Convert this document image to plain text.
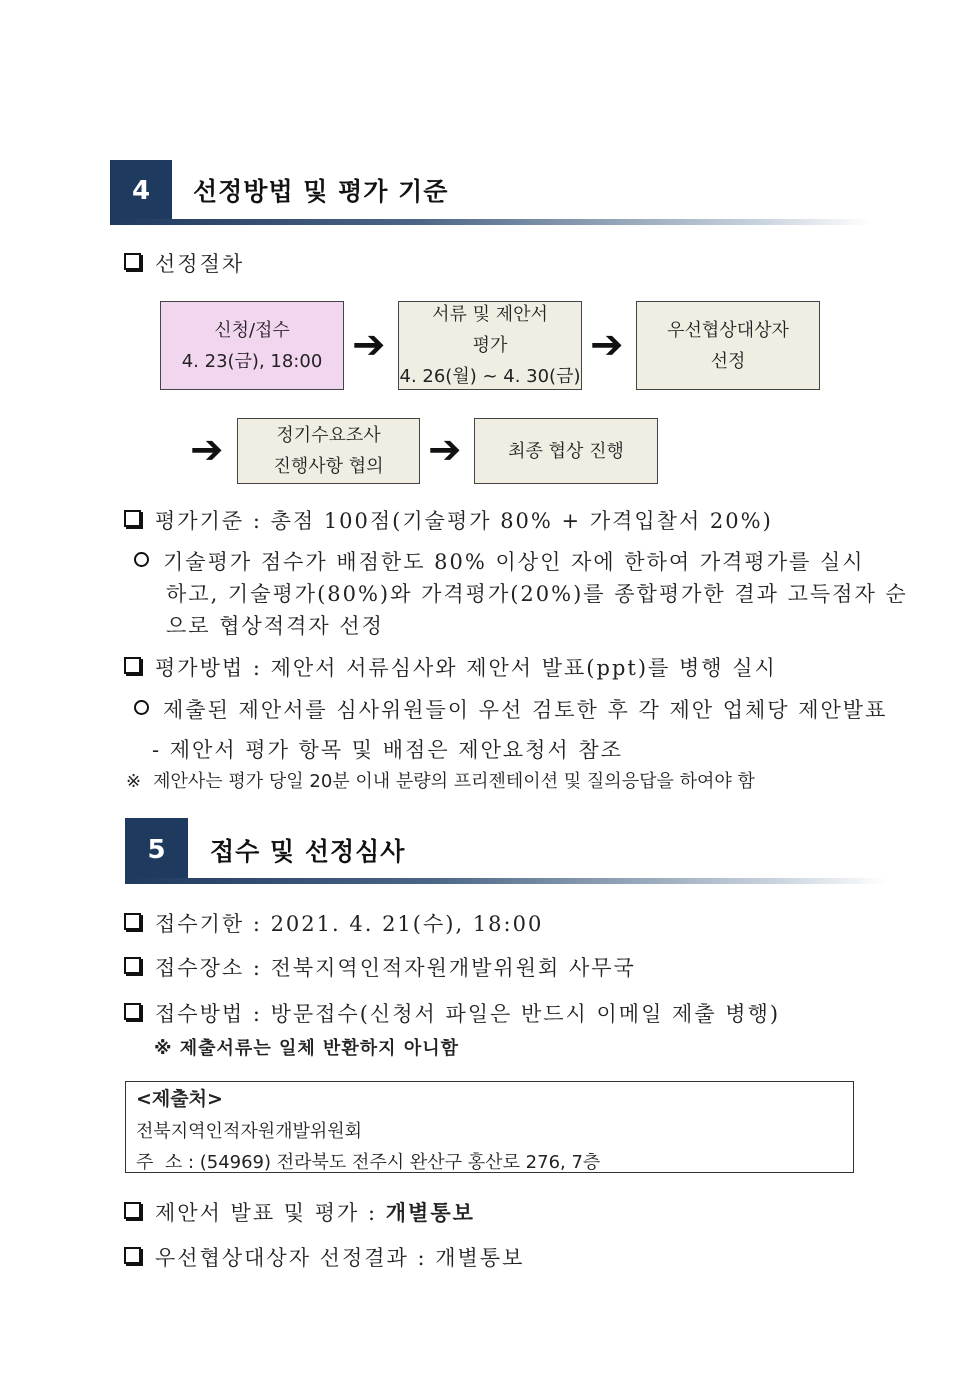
4 선정방법 및 평가 기준
선정절차
신청/접수
4. 23(금), 18:00 ➔
서류 및 제안서
평가
4. 26(월) ~ 4. 30(금)
➔ 우선협상대상자
선정
➔	정기수요조사
진행사항 협의 ➔	최종 협상 진행
평가기준 : 총점 100점(기술평가 80% + 가격입찰서 20%)
기술평가 점수가 배점한도 80% 이상인 자에 한하여 가격평가를 실시
하고, 기술평가(80%)와 가격평가(20%)를 종합평가한 결과 고득점자 순
으로 협상적격자 선정
평가방법 : 제안서 서류심사와 제안서 발표(ppt)를 병행 실시
제출된 제안서를 심사위원들이 우선 검토한 후 각 제안 업체당 제안발표
- 제안서 평가 항목 및 배점은 제안요청서 참조
※ 제안사는 평가 당일 20분 이내 분량의 프리젠테이션 및 질의응답을 하여야 함
5 접수 및 선정심사
접수기한 : 2021. 4. 21(수), 18:00
접수장소 : 전북지역인적자원개발위원회 사무국
접수방법 : 방문접수(신청서 파일은 반드시 이메일 제출 병행)
※ 제출서류는 일체 반환하지 아니함
<제출처>
전북지역인적자원개발위원회
주  소 : (54969) 전라북도 전주시 완산구 홍산로 276, 7층
제안서 발표 및 평가 : 개별통보
우선협상대상자 선정결과 : 개별통보
